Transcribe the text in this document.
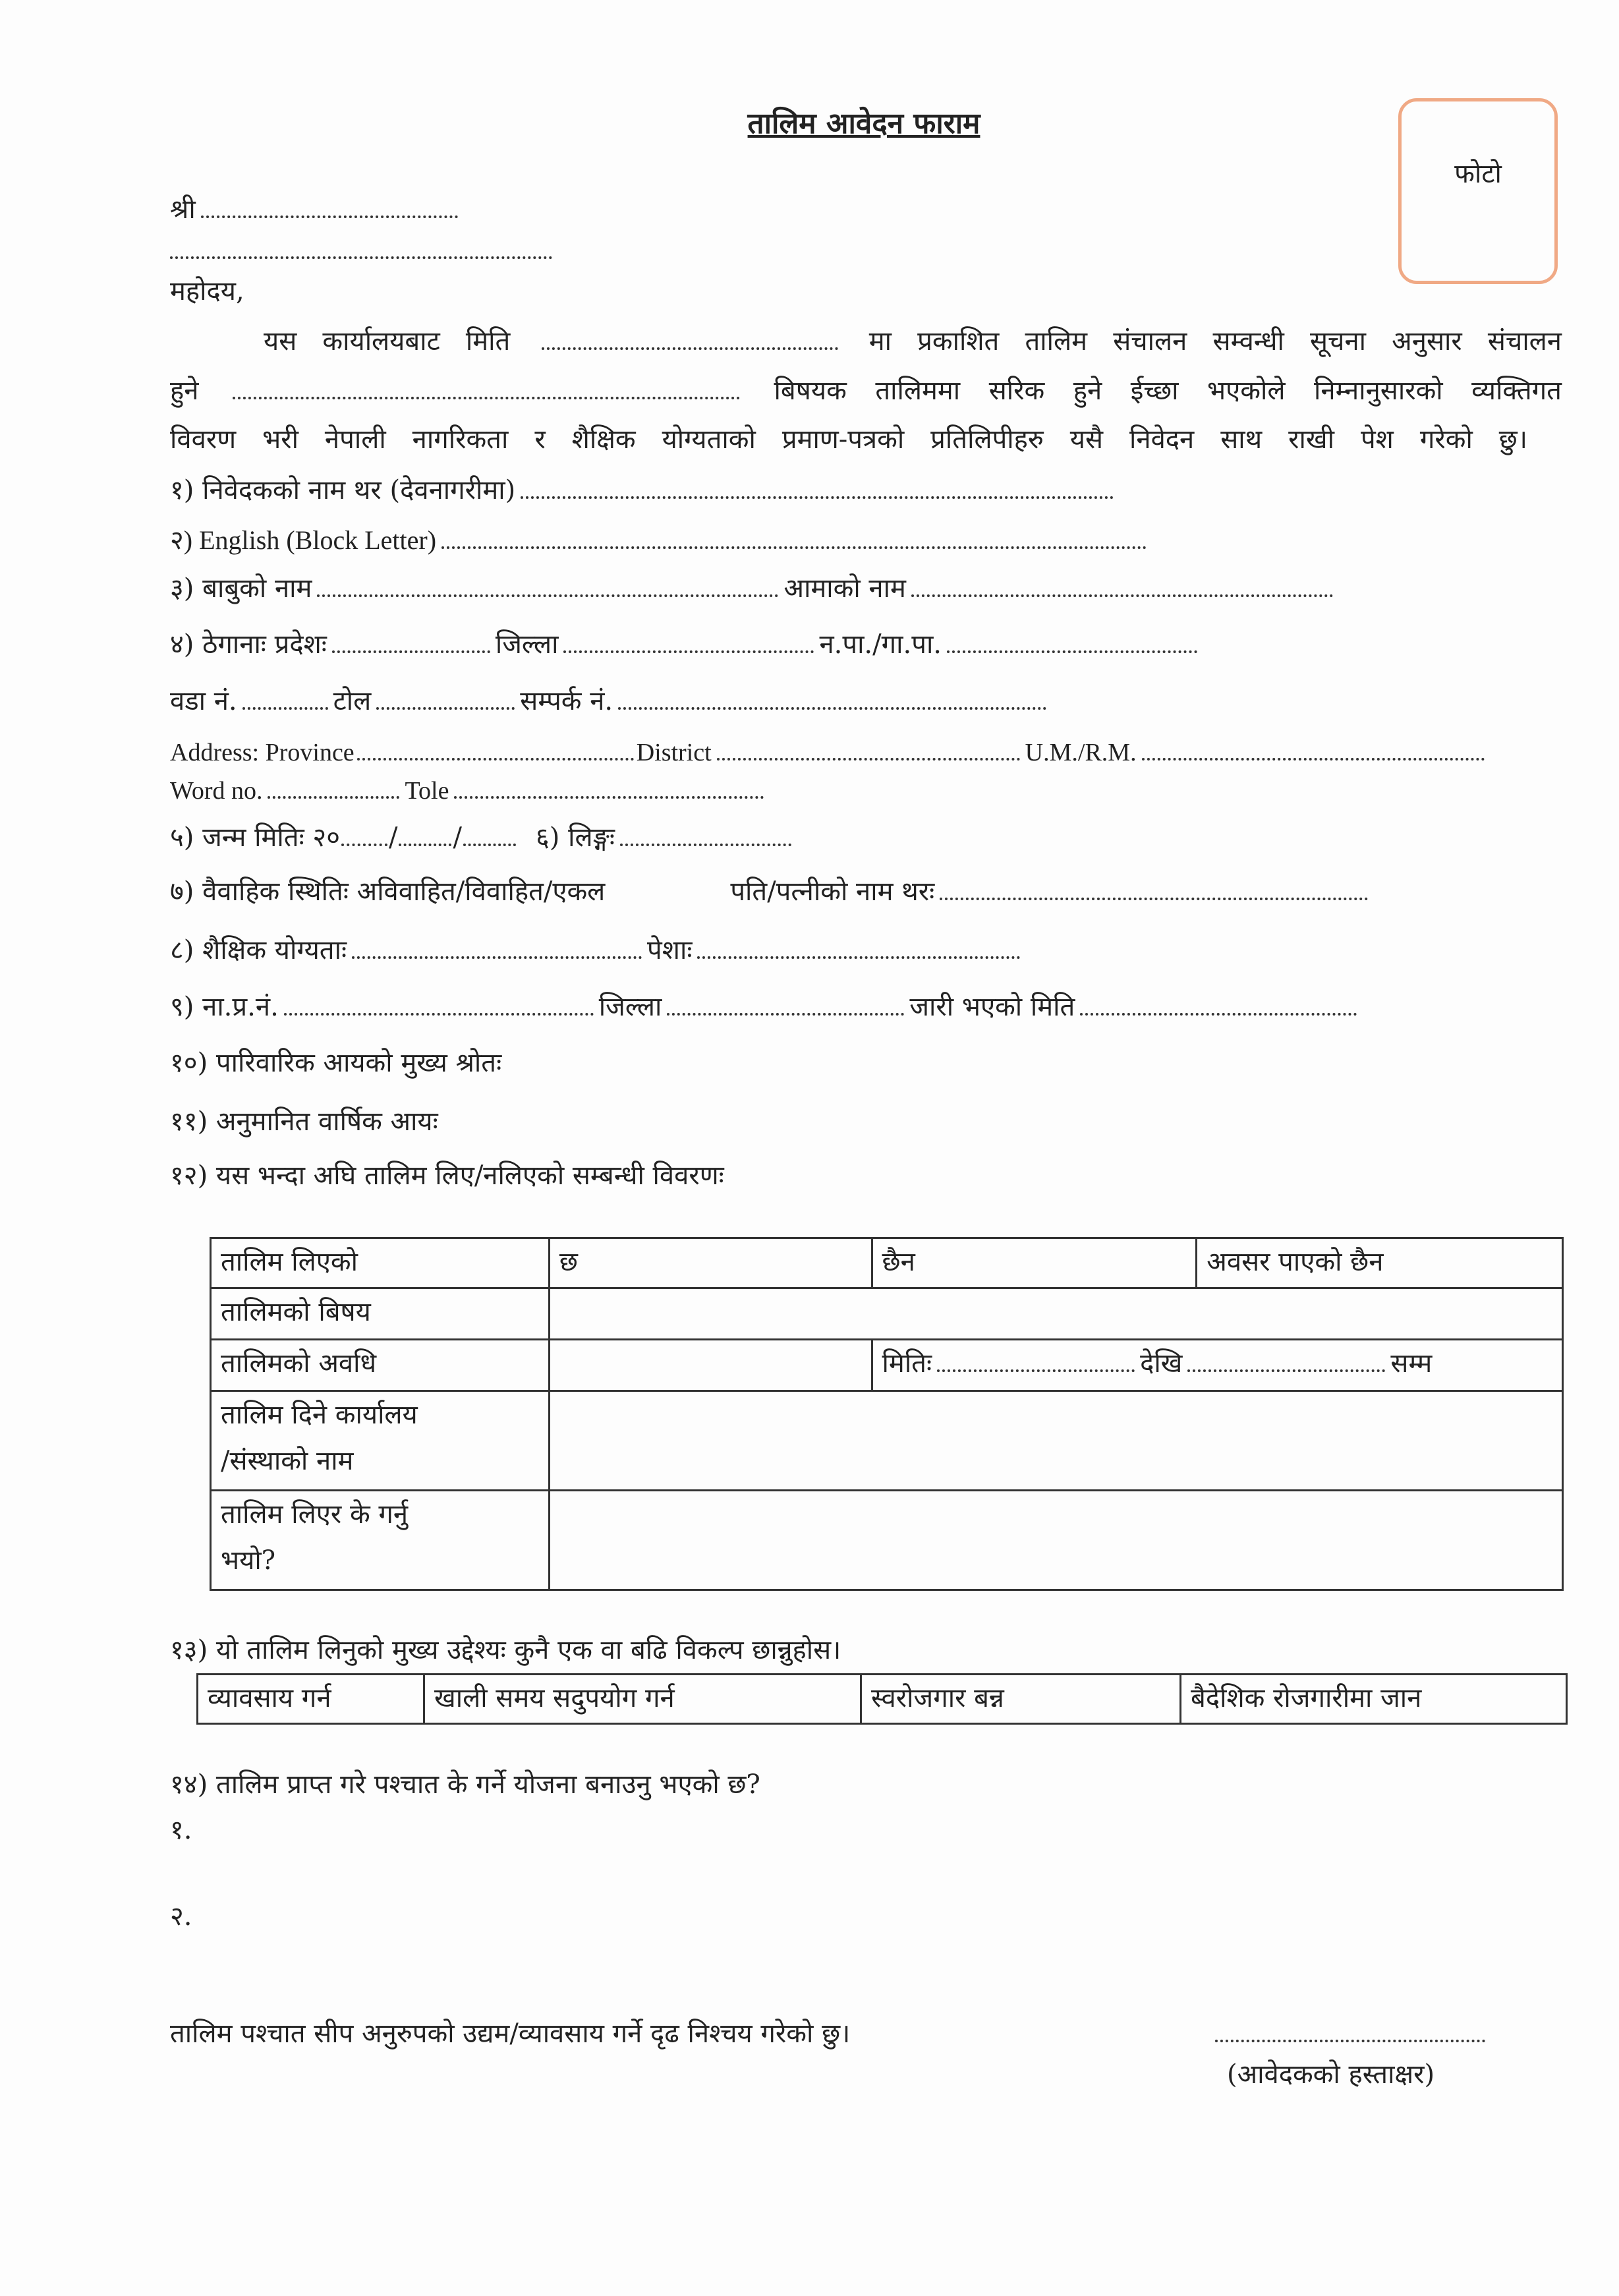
तालिम आवेदन फाराम
फोटो
श्री
महोदय,
यस कार्यालयबाट मिति	मा प्रकाशित तालिम संचालन सम्वन्धी सूचना अनुसार संचालन
हुने	बिषयक तालिममा सरिक हुने ईच्छा भएकोले निम्नानुसारको व्यक्तिगत
विवरण भरी नेपाली नागरिकता र शैक्षिक योग्यताको प्रमाण-पत्रको प्रतिलिपीहरु यसै निवेदन साथ राखी पेश गरेको छु।
१) निवेदकको नाम थर (देवनागरीमा)
२) English (Block Letter)
३) बाबुको नाम	आमाको नाम
४) ठेगानाः प्रदेशः	जिल्ला	न.पा./गा.पा.
वडा नं.	टोल	सम्पर्क नं.
Address: Province	District	U.M./R.M.
Word no.	Tole
५) जन्म मितिः २० / /	६) लिङ्गः
७) वैवाहिक स्थितिः अविवाहित/विवाहित/एकल	पति/पत्नीको नाम थरः
८) शैक्षिक योग्यताः	पेशाः
९) ना.प्र.नं.	जिल्ला	जारी भएको मिति
१०) पारिवारिक आयको मुख्य श्रोतः
११) अनुमानित वार्षिक आयः
१२) यस भन्दा अघि तालिम लिए/नलिएको सम्बन्धी विवरणः
तालिम लिएको	छ	छैन	अवसर पाएको छैन
तालिमको बिषय			
तालिमको अवधि		मितिः देखि सम्म	

तालिम दिने कार्यालय
/संस्थाको नाम			

तालिम लिएर के गर्नु
भयो?			

१३) यो तालिम लिनुको मुख्य उद्देश्यः कुनै एक वा बढि विकल्प छान्नुहोस।
व्यावसाय गर्न	खाली समय सदुपयोग गर्न	स्वरोजगार बन्न	बैदेशिक रोजगारीमा जान
१४) तालिम प्राप्त गरे पश्चात के गर्ने योजना बनाउनु भएको छ?
१.
२.
तालिम पश्चात सीप अनुरुपको उद्यम/व्यावसाय गर्ने दृढ निश्चय गरेको छु।
(आवेदकको हस्ताक्षर)
